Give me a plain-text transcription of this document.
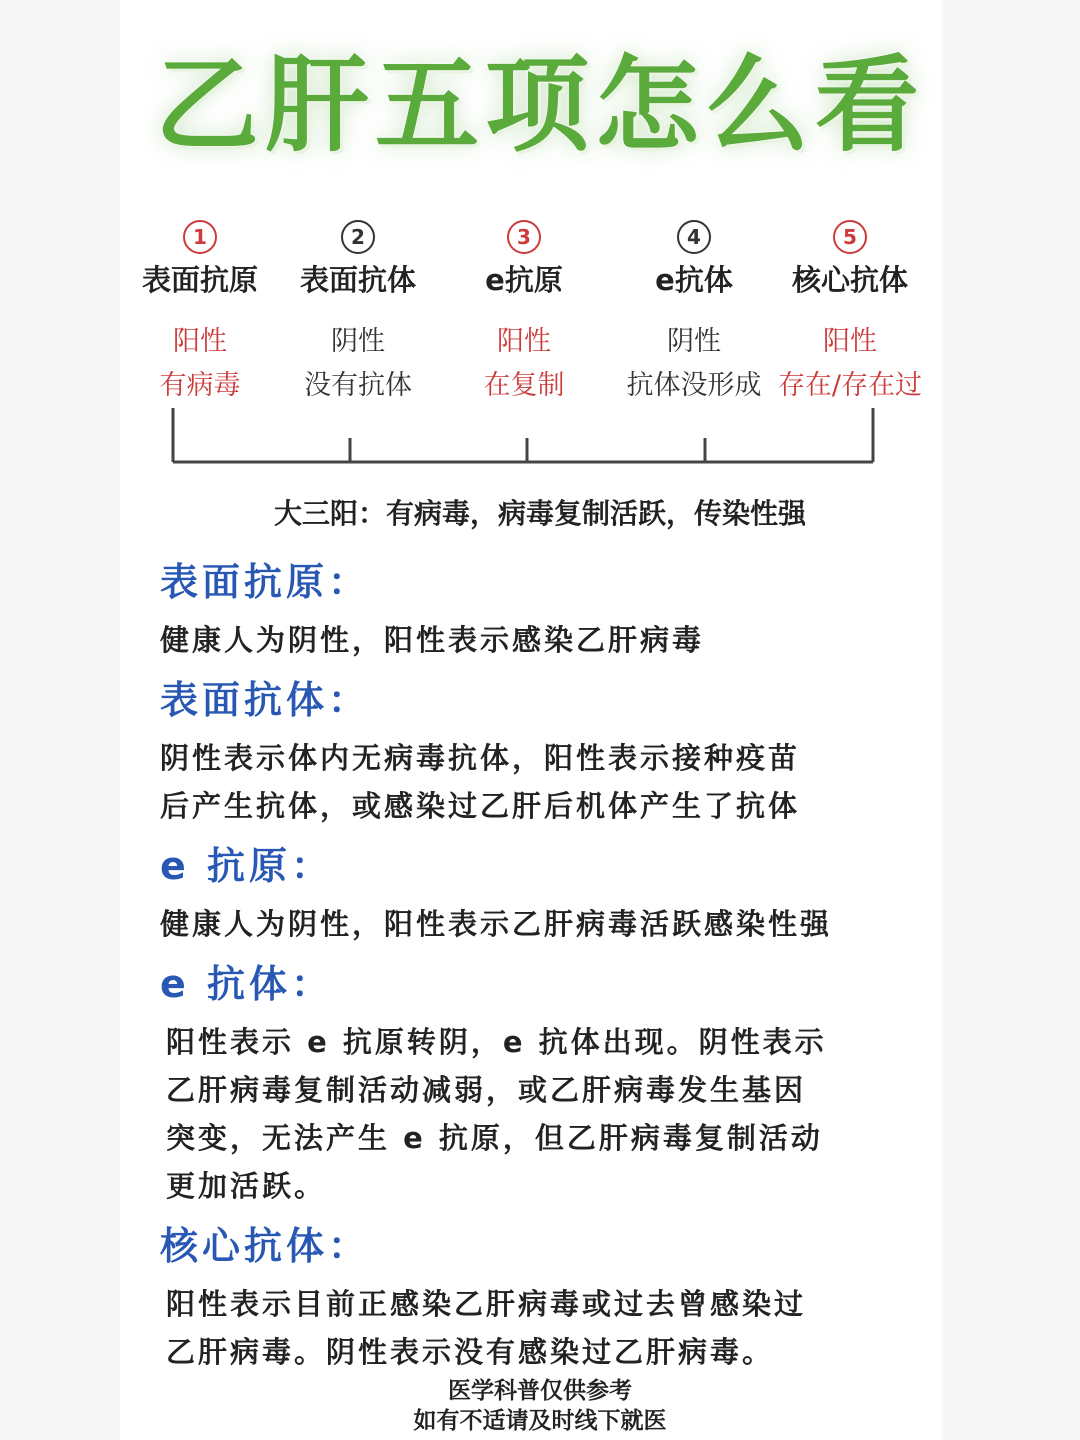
乙肝五项怎么看
1
表面抗原
阳性
有病毒
2
表面抗体
阴性
没有抗体
3
e抗原
阳性
在复制
4
e抗体
阴性
抗体没形成
5
核心抗体
阳性
存在/存在过
大三阳：有病毒，病毒复制活跃，传染性强
表面抗原：
健康人为阴性，阳性表示感染乙肝病毒
表面抗体：
阴性表示体内无病毒抗体，阳性表示接种疫苗
后产生抗体，或感染过乙肝后机体产生了抗体
e 抗原：
健康人为阴性，阳性表示乙肝病毒活跃感染性强
e 抗体：
阳性表示 e 抗原转阴，e 抗体出现。阴性表示
乙肝病毒复制活动减弱，或乙肝病毒发生基因
突变，无法产生 e 抗原，但乙肝病毒复制活动
更加活跃。
核心抗体：
阳性表示目前正感染乙肝病毒或过去曾感染过
乙肝病毒。阴性表示没有感染过乙肝病毒。
医学科普仅供参考
如有不适请及时线下就医
